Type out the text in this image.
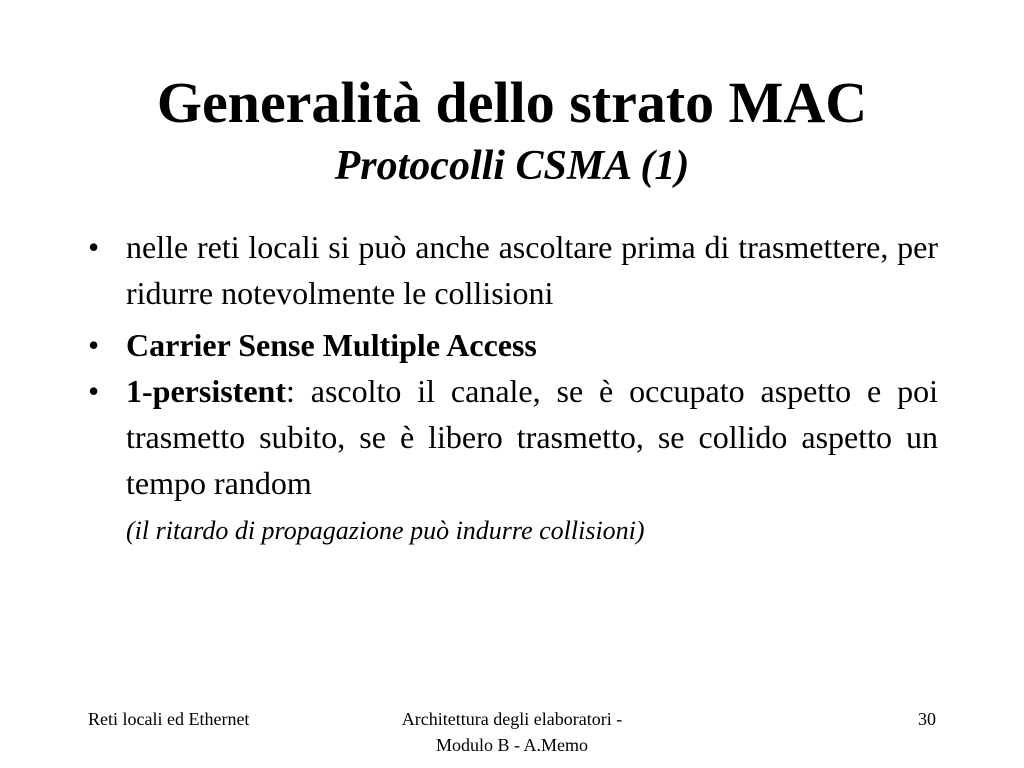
Generalità dello strato MAC
Protocolli CSMA (1)
• nelle reti locali si può anche ascoltare prima di trasmettere, per ridurre notevolmente le collisioni
• Carrier Sense Multiple Access
• 1-persistent: ascolto il canale, se è occupato aspetto e poi trasmetto subito, se è libero trasmetto, se collido aspetto un tempo random
(il ritardo di propagazione può indurre collisioni)
Reti locali ed Ethernet	Architettura degli elaboratori -
Modulo B - A.Memo
30
